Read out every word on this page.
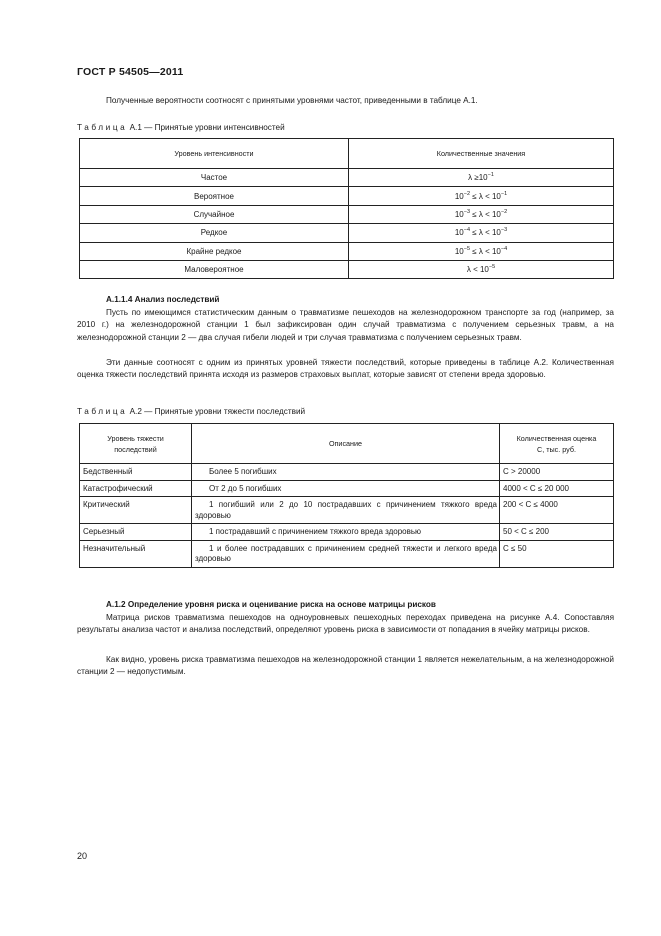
ГОСТ Р 54505—2011
Полученные вероятности соотносят с принятыми уровнями частот, приведенными в таблице А.1.
Таблица А.1 — Принятые уровни интенсивностей
Уровень интенсивности	Количественные значения
Частое	$\lambda \ge 10^{-1}$
Вероятное	$10^{-2} \le \lambda < 10^{-1}$
Случайное	$10^{-3} \le \lambda < 10^{-2}$
Редкое	$10^{-4} \le \lambda < 10^{-3}$
Крайне редкое	$10^{-5} \le \lambda < 10^{-4}$
Маловероятное	$\lambda < 10^{-5}$
А.1.1.4 Анализ последствий
Пусть по имеющимся статистическим данным о травматизме пешеходов на железнодорожном транспорте за год (например, за 2010 г.) на железнодорожной станции 1 был зафиксирован один случай травматизма с получением серьезных травм, а на железнодорожной станции 2 — два случая гибели людей и три случая травматизма с получением серьезных травм.
Эти данные соотносят с одним из принятых уровней тяжести последствий, которые приведены в таблице А.2. Количественная оценка тяжести последствий принята исходя из размеров страховых выплат, которые зависят от степени вреда здоровью.
Таблица А.2 — Принятые уровни тяжести последствий
Уровень тяжести
последствий	Описание	Количественная оценка
С, тыс. руб.
Бедственный	Более 5 погибших	С > 20000
Катастрофический	От 2 до 5 погибших	4000 < С ≤ 20 000
Критический	1 погибший или 2 до 10 пострадавших с причинением тяжкого вреда здоровью	200 < С ≤ 4000
Серьезный	1 пострадавший с причинением тяжкого вреда здоровью	50 < С ≤ 200
Незначительный	1 и более пострадавших с причинением средней тяжести и легкого вреда здоровью	С ≤ 50
А.1.2 Определение уровня риска и оценивание риска на основе матрицы рисков
Матрица рисков травматизма пешеходов на одноуровневых пешеходных переходах приведена на рисунке А.4. Сопоставляя результаты анализа частот и анализа последствий, определяют уровень риска в зависимости от попадания в ячейку матрицы рисков.
Как видно, уровень риска травматизма пешеходов на железнодорожной станции 1 является нежелательным, а на железнодорожной станции 2 — недопустимым.
20
